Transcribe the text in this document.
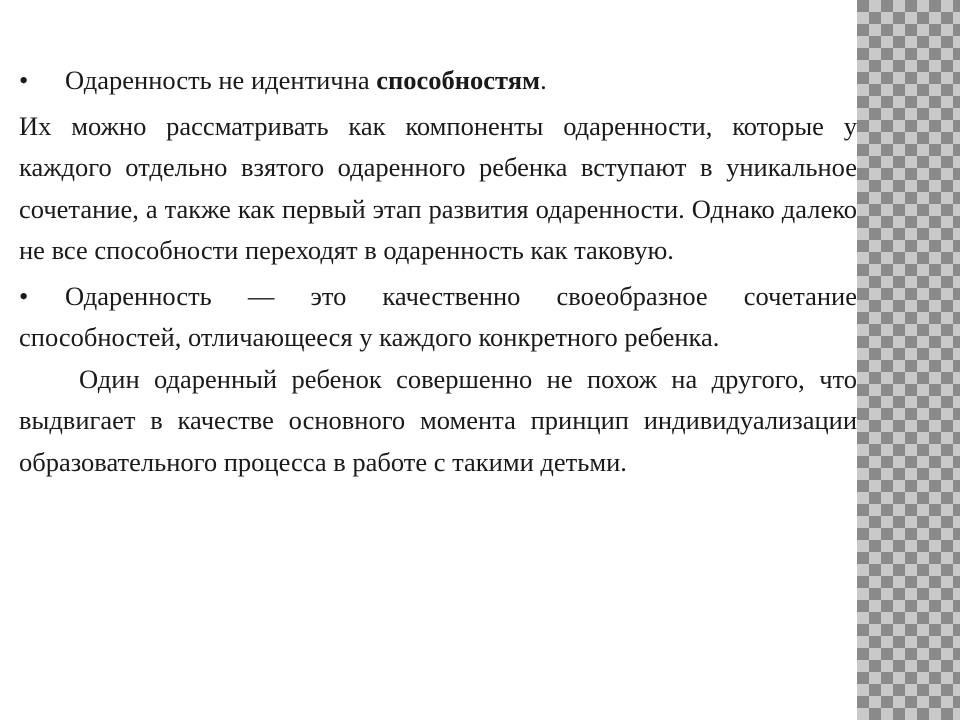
• Одаренность не идентична способностям.

Их можно рассматривать как компоненты одаренности, которые у каждого отдельно взятого одаренного ребенка вступают в уникальное сочетание, а также как первый этап развития одаренности. Однако далеко не все способности переходят в одаренность как таковую.

• Одаренность — это качественно своеобразное сочетание способностей, отличающееся у каждого конкретного ребенка.

Один одаренный ребенок совершенно не похож на другого, что выдвигает в качестве основного момента принцип индивидуализации образовательного процесса в работе с такими детьми.
